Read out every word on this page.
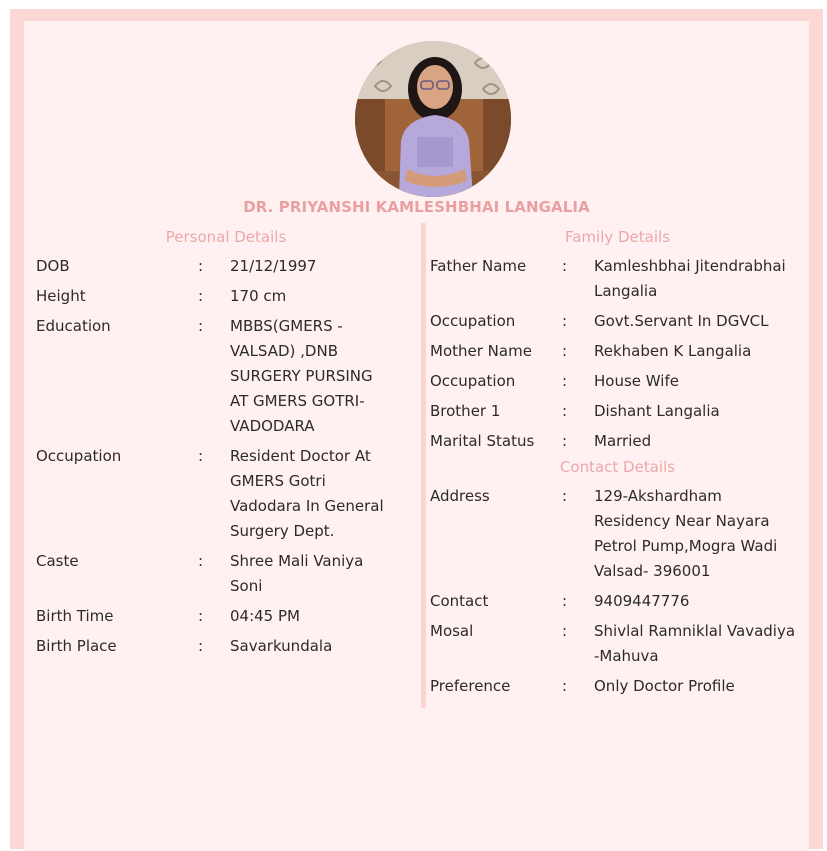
DR. PRIYANSHI KAMLESHBHAI LANGALIA
Personal Details
DOB	:	21/12/1997
Height	:	170 cm
Education	:	MBBS(GMERS - VALSAD) ,DNB SURGERY PURSING AT GMERS GOTRI- VADODARA
Occupation	:	Resident Doctor At GMERS Gotri Vadodara In General Surgery Dept.
Caste	:	Shree Mali Vaniya Soni
Birth Time	:	04:45 PM
Birth Place	:	Savarkundala
Family Details
Father Name	:	Kamleshbhai Jitendrabhai Langalia
Occupation	:	Govt.Servant In DGVCL
Mother Name	:	Rekhaben K Langalia
Occupation	:	House Wife
Brother 1	:	Dishant Langalia
Marital Status	:	Married
Contact Details
Address	:	129-Akshardham Residency Near Nayara Petrol Pump,Mogra Wadi Valsad- 396001
Contact	:	9409447776
Mosal	:	Shivlal Ramniklal Vavadiya -Mahuva
Preference	:	Only Doctor Profile
